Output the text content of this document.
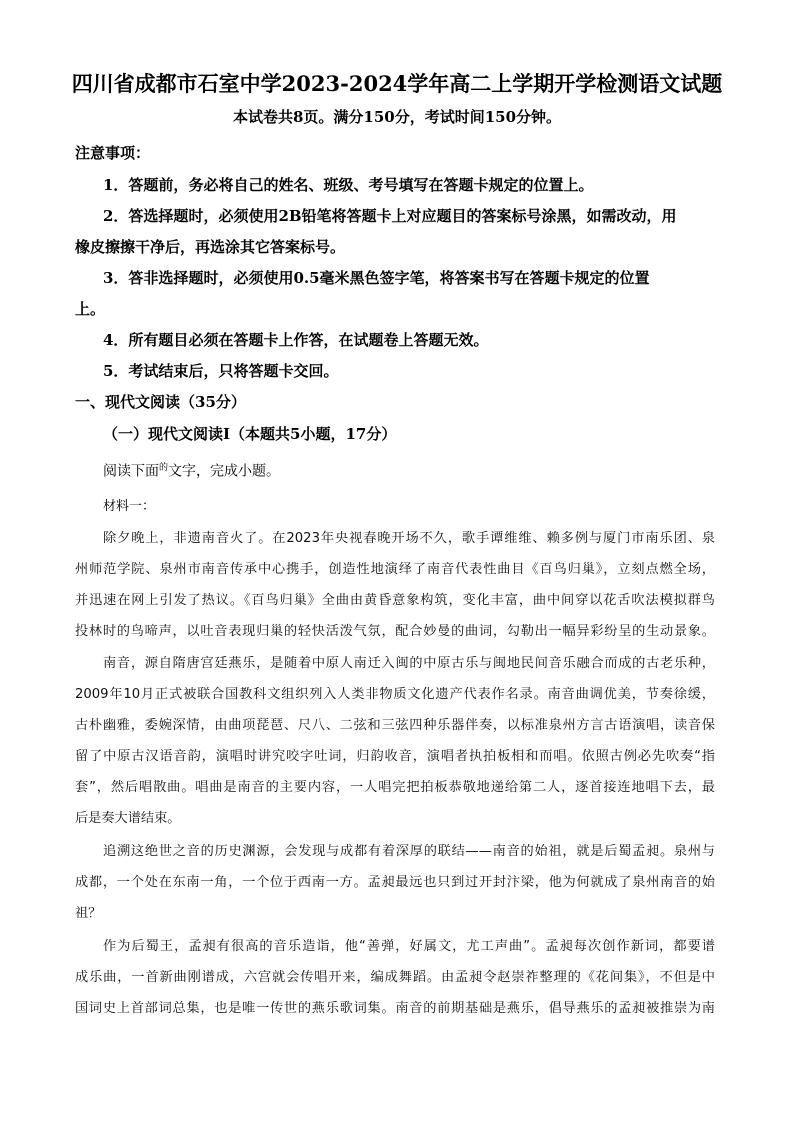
四川省成都市石室中学2023-2024学年高二上学期开学检测语文试题
本试卷共8页。满分150分，考试时间150分钟。
注意事项：
1．答题前，务必将自己的姓名、班级、考号填写在答题卡规定的位置上。
2．答选择题时，必须使用2B铅笔将答题卡上对应题目的答案标号涂黑，如需改动，用
橡皮擦擦干净后，再选涂其它答案标号。
3．答非选择题时，必须使用0.5毫米黑色签字笔，将答案书写在答题卡规定的位置
上。
4．所有题目必须在答题卡上作答，在试题卷上答题无效。
5．考试结束后，只将答题卡交回。
一、现代文阅读（35分）
（一）现代文阅读Ⅰ（本题共5小题，17分）
阅读下面$^的$文字，完成小题。
材料一：
除夕晚上，非遗南音火了。在2023年央视春晚开场不久，歌手谭维维、赖多例与厦门市南乐团、泉
州师范学院、泉州市南音传承中心携手，创造性地演绎了南音代表性曲目《百鸟归巢》，立刻点燃全场，
并迅速在网上引发了热议。《百鸟归巢》全曲由黄昏意象构筑，变化丰富，曲中间穿以花舌吹法模拟群鸟
投林时的鸟啼声，以吐音表现归巢的轻快活泼气氛，配合妙曼的曲词，勾勒出一幅异彩纷呈的生动景象。
南音，源自隋唐宫廷燕乐，是随着中原人南迁入闽的中原古乐与闽地民间音乐融合而成的古老乐种，
2009年10月正式被联合国教科文组织列入人类非物质文化遗产代表作名录。南音曲调优美，节奏徐缓，
古朴幽雅，委婉深情，由曲项琵琶、尺八、二弦和三弦四种乐器伴奏，以标准泉州方言古语演唱，读音保
留了中原古汉语音韵，演唱时讲究咬字吐词，归韵收音，演唱者执拍板相和而唱。依照古例必先吹奏“指
套”，然后唱散曲。唱曲是南音的主要内容，一人唱完把拍板恭敬地递给第二人，逐首接连地唱下去，最
后是奏大谱结束。
追溯这绝世之音的历史渊源，会发现与成都有着深厚的联结——南音的始祖，就是后蜀孟昶。泉州与
成都，一个处在东南一角，一个位于西南一方。孟昶最远也只到过开封汴梁，他为何就成了泉州南音的始
祖？
作为后蜀王，孟昶有很高的音乐造诣，他“善弹，好属文，尤工声曲”。孟昶每次创作新词，都要谱
成乐曲，一首新曲刚谱成，六宫就会传唱开来，编成舞蹈。由孟昶令赵崇祚整理的《花间集》，不但是中
国词史上首部词总集，也是唯一传世的燕乐歌词集。南音的前期基础是燕乐，倡导燕乐的孟昶被推崇为南
